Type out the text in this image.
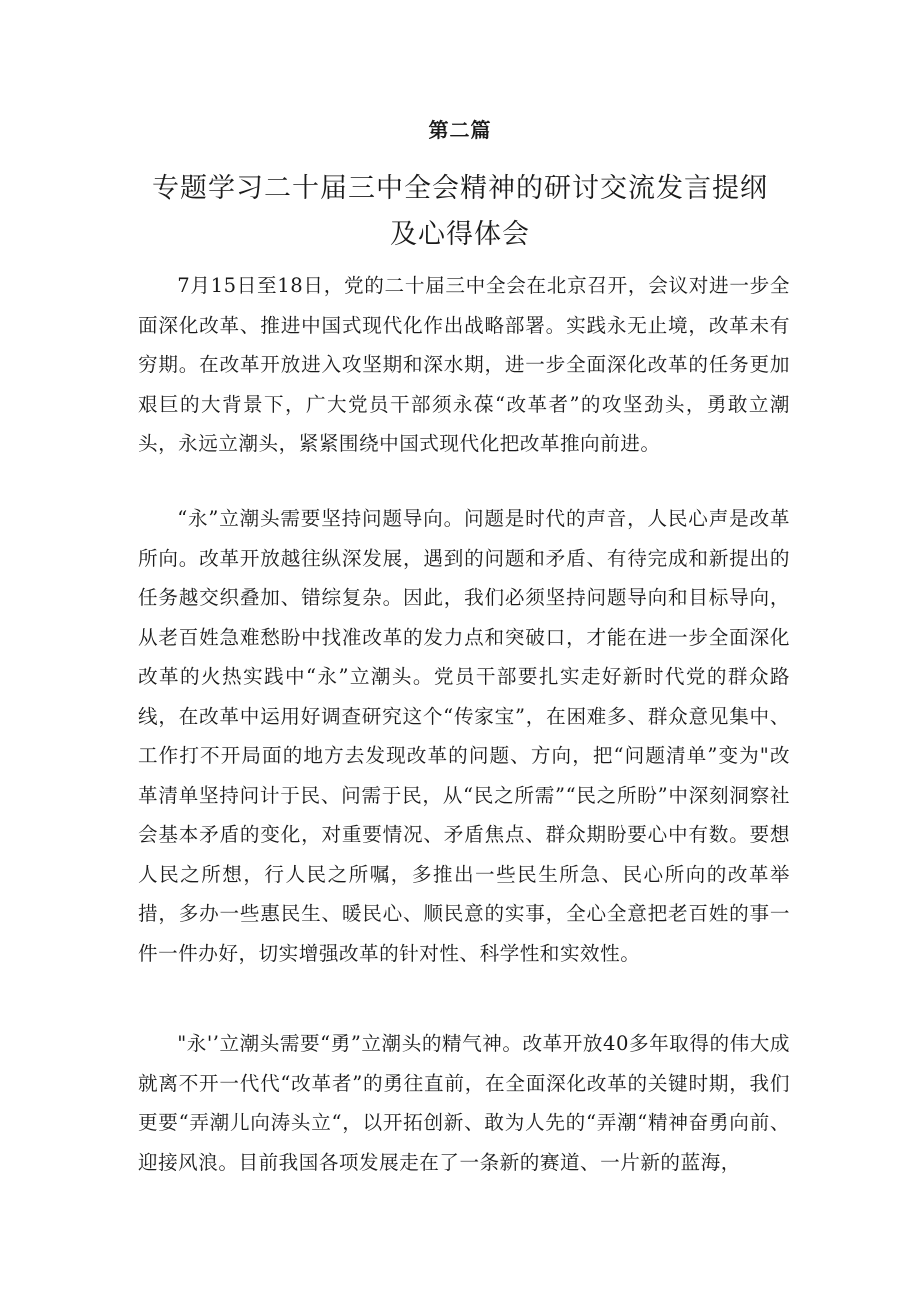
第二篇
专题学习二十届三中全会精神的研讨交流发言提纲
及心得体会

7月15日至18日，党的二十届三中全会在北京召开，会议对进一步全面深化改革、推进中国式现代化作出战略部署。实践永无止境，改革未有穷期。在改革开放进入攻坚期和深水期，进一步全面深化改革的任务更加艰巨的大背景下，广大党员干部须永葆“改革者”的攻坚劲头，勇敢立潮头，永远立潮头，紧紧围绕中国式现代化把改革推向前进。

“永”立潮头需要坚持问题导向。问题是时代的声音，人民心声是改革所向。改革开放越往纵深发展，遇到的问题和矛盾、有待完成和新提出的任务越交织叠加、错综复杂。因此，我们必须坚持问题导向和目标导向，从老百姓急难愁盼中找准改革的发力点和突破口，才能在进一步全面深化改革的火热实践中“永”立潮头。党员干部要扎实走好新时代党的群众路线，在改革中运用好调查研究这个“传家宝”，在困难多、群众意见集中、工作打不开局面的地方去发现改革的问题、方向，把“问题清单”变为"改革清单坚持问计于民、问需于民，从“民之所需”“民之所盼”中深刻洞察社会基本矛盾的变化，对重要情况、矛盾焦点、群众期盼要心中有数。要想人民之所想，行人民之所嘱，多推出一些民生所急、民心所向的改革举措，多办一些惠民生、暖民心、顺民意的实事，全心全意把老百姓的事一件一件办好，切实增强改革的针对性、科学性和实效性。

"永'’立潮头需要“勇”立潮头的精气神。改革开放40多年取得的伟大成就离不开一代代“改革者”的勇往直前，在全面深化改革的关键时期，我们更要“弄潮儿向涛头立“，以开拓创新、敢为人先的“弄潮“精神奋勇向前、迎接风浪。目前我国各项发展走在了一条新的赛道、一片新的蓝海，
